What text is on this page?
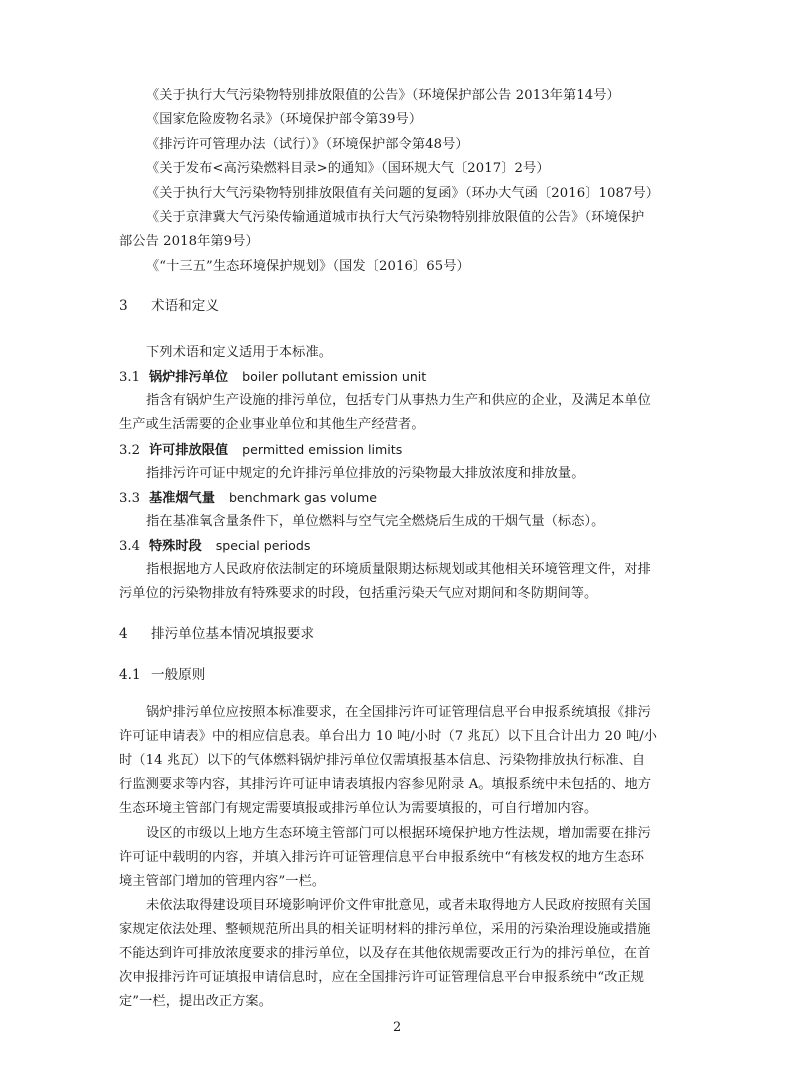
《关于执行大气污染物特别排放限值的公告》（环境保护部公告 2013年第14号）
《国家危险废物名录》（环境保护部令第39号）
《排污许可管理办法（试行）》（环境保护部令第48号）
《关于发布<高污染燃料目录>的通知》（国环规大气〔2017〕2号）
《关于执行大气污染物特别排放限值有关问题的复函》（环办大气函〔2016〕1087号）
《关于京津冀大气污染传输通道城市执行大气污染物特别排放限值的公告》（环境保护
部公告 2018年第9号）
《“十三五”生态环境保护规划》（国发〔2016〕65号）
3 术语和定义
下列术语和定义适用于本标准。
3.1 锅炉排污单位 boiler pollutant emission unit
指含有锅炉生产设施的排污单位，包括专门从事热力生产和供应的企业，及满足本单位
生产或生活需要的企业事业单位和其他生产经营者。
3.2 许可排放限值 permitted emission limits
指排污许可证中规定的允许排污单位排放的污染物最大排放浓度和排放量。
3.3 基准烟气量 benchmark gas volume
指在基准氧含量条件下，单位燃料与空气完全燃烧后生成的干烟气量（标态）。
3.4 特殊时段 special periods
指根据地方人民政府依法制定的环境质量限期达标规划或其他相关环境管理文件，对排
污单位的污染物排放有特殊要求的时段，包括重污染天气应对期间和冬防期间等。
4 排污单位基本情况填报要求
4.1 一般原则
锅炉排污单位应按照本标准要求，在全国排污许可证管理信息平台申报系统填报《排污
许可证申请表》中的相应信息表。单台出力 10 吨/小时（7 兆瓦）以下且合计出力 20 吨/小
时（14 兆瓦）以下的气体燃料锅炉排污单位仅需填报基本信息、污染物排放执行标准、自
行监测要求等内容，其排污许可证申请表填报内容参见附录 A。填报系统中未包括的、地方
生态环境主管部门有规定需要填报或排污单位认为需要填报的，可自行增加内容。
设区的市级以上地方生态环境主管部门可以根据环境保护地方性法规，增加需要在排污
许可证中载明的内容，并填入排污许可证管理信息平台申报系统中“有核发权的地方生态环
境主管部门增加的管理内容”一栏。
未依法取得建设项目环境影响评价文件审批意见，或者未取得地方人民政府按照有关国
家规定依法处理、整顿规范所出具的相关证明材料的排污单位，采用的污染治理设施或措施
不能达到许可排放浓度要求的排污单位，以及存在其他依规需要改正行为的排污单位，在首
次申报排污许可证填报申请信息时，应在全国排污许可证管理信息平台申报系统中“改正规
定”一栏，提出改正方案。
2
